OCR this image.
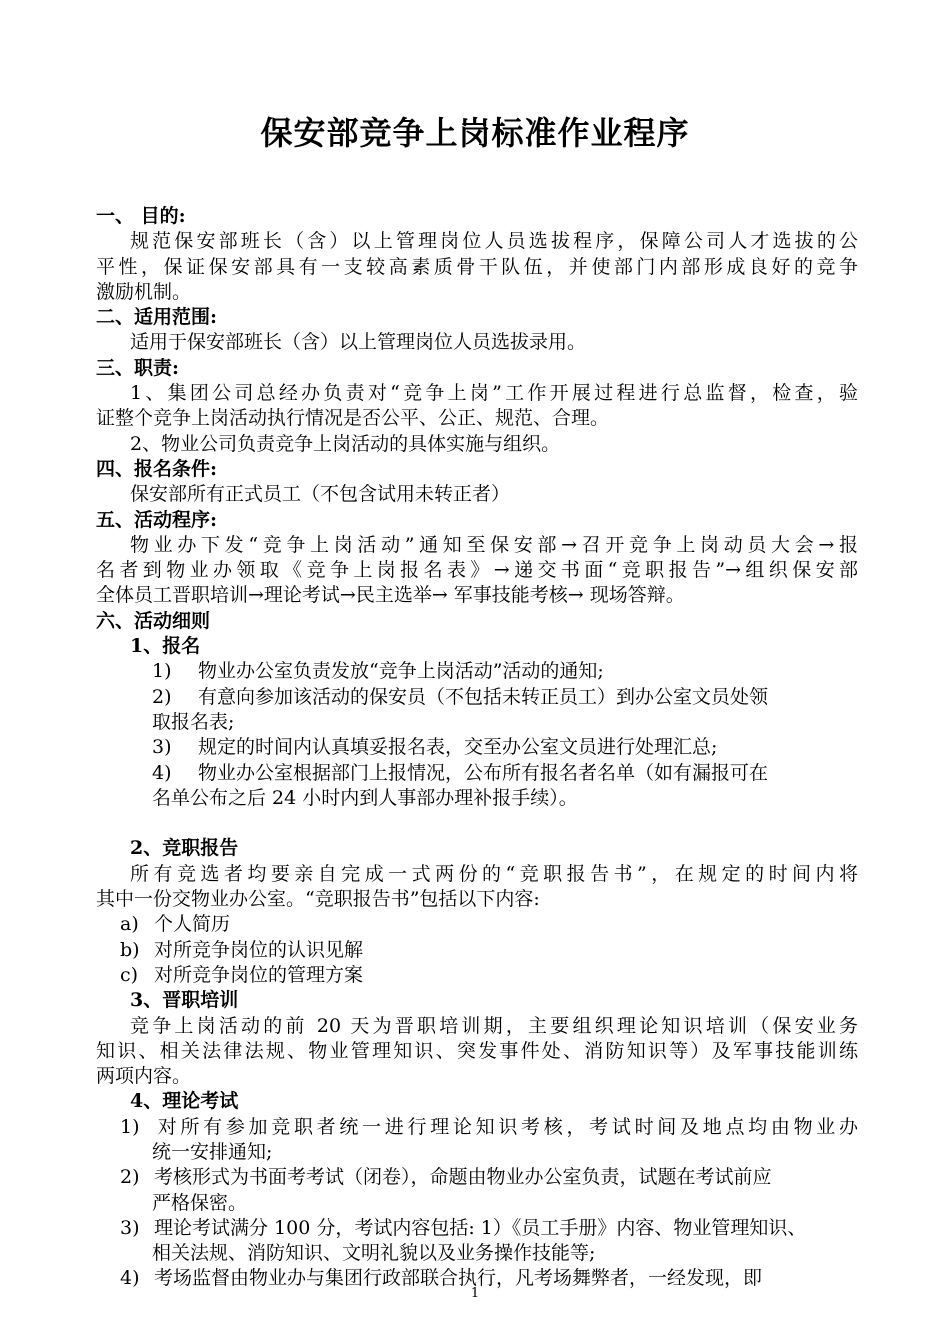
保安部竞争上岗标准作业程序
一、 目的:
规范保安部班长（含）以上管理岗位人员选拔程序，保障公司人才选拔的公
平性，保证保安部具有一支较高素质骨干队伍，并使部门内部形成良好的竞争
激励机制。
二、适用范围:
适用于保安部班长（含）以上管理岗位人员选拔录用。
三、职责:
1、集团公司总经办负责对“竞争上岗”工作开展过程进行总监督，检查，验
证整个竞争上岗活动执行情况是否公平、公正、规范、合理。
2、物业公司负责竞争上岗活动的具体实施与组织。
四、报名条件:
保安部所有正式员工（不包含试用未转正者）
五、活动程序:
物业办下发“竞争上岗活动”通知至保安部→召开竞争上岗动员大会→报
名者到物业办领取《竞争上岗报名表》→递交书面“竞职报告”→组织保安部
全体员工晋职培训→理论考试→民主选举→ 军事技能考核→ 现场答辩。
六、活动细则
1、报名
1) 物业办公室负责发放“竞争上岗活动”活动的通知;
2) 有意向参加该活动的保安员（不包括未转正员工）到办公室文员处领
取报名表;
3) 规定的时间内认真填妥报名表，交至办公室文员进行处理汇总;
4) 物业办公室根据部门上报情况，公布所有报名者名单（如有漏报可在
名单公布之后 24 小时内到人事部办理补报手续）。
2、竞职报告
所有竞选者均要亲自完成一式两份的“竞职报告书”，在规定的时间内将
其中一份交物业办公室。“竞职报告书”包括以下内容:
a) 个人简历
b) 对所竞争岗位的认识见解
c) 对所竞争岗位的管理方案
3、晋职培训
竞争上岗活动的前 20 天为晋职培训期，主要组织理论知识培训（保安业务
知识、相关法律法规、物业管理知识、突发事件处、消防知识等）及军事技能训练
两项内容。
4、理论考试
1) 对所有参加竞职者统一进行理论知识考核，考试时间及地点均由物业办
统一安排通知;
2) 考核形式为书面考考试（闭卷），命题由物业办公室负责，试题在考试前应
严格保密。
3) 理论考试满分 100 分，考试内容包括: 1）《员工手册》内容、物业管理知识、
相关法规、消防知识、文明礼貌以及业务操作技能等;
4) 考场监督由物业办与集团行政部联合执行，凡考场舞弊者，一经发现，即
1
